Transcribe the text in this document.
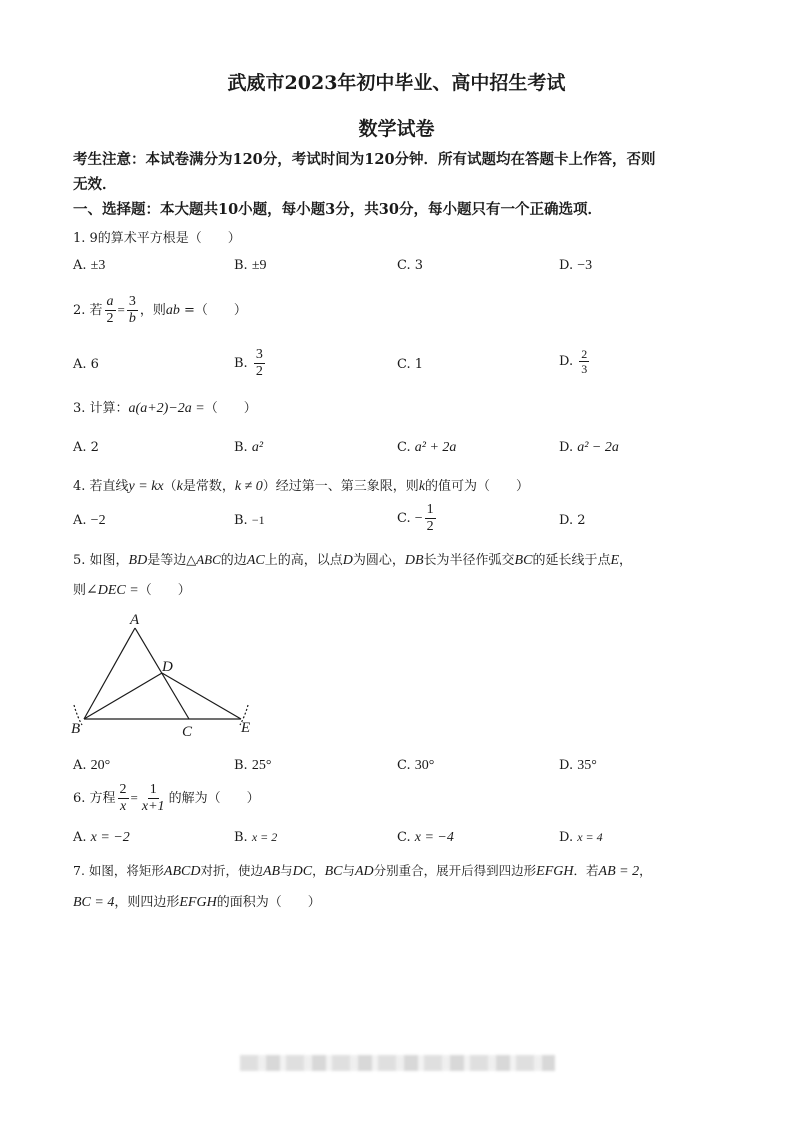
武威市2023年初中毕业、高中招生考试
数学试卷
考生注意：本试卷满分为120分，考试时间为120分钟．所有试题均在答题卡上作答，否则
无效．
一、选择题：本大题共10小题，每小题3分，共30分，每小题只有一个正确选项．
1. 9的算术平方根是（　　）
A. ±3	B. ±9	C. 3	D. −3
2. 若 $\frac{a}{2} = \frac{3}{b}$ ，则ab =（　　）
A. 6	B. $\frac{3}{2}$	C. 1	D. $\frac{2}{3}$
3. 计算：a(a+2)−2a =（　　）
A. 2	B. a²	C. a² + 2a	D. a² − 2a
4. 若直线y = kx（k是常数，k ≠ 0）经过第一、第三象限，则k的值可为（　　）
A. −2	B. −1	C. − $\frac{1}{2}$	D. 2
5. 如图，BD是等边△ABC的边AC上的高，以点D为圆心，DB长为半径作弧交BC的延长线于点E，
则∠DEC =（　　）
A
D
B	C	E
A. 20°	B. 25°	C. 30°	D. 35°
6. 方程 $\frac{2}{x} = \frac{1}{x+1}$ 的解为（　　）
A. x = −2	B. x = 2	C. x = −4	D. x = 4
7. 如图，将矩形ABCD对折，使边AB与DC，BC与AD分别重合，展开后得到四边形EFGH．若AB = 2，
BC = 4，则四边形EFGH的面积为（　　）
